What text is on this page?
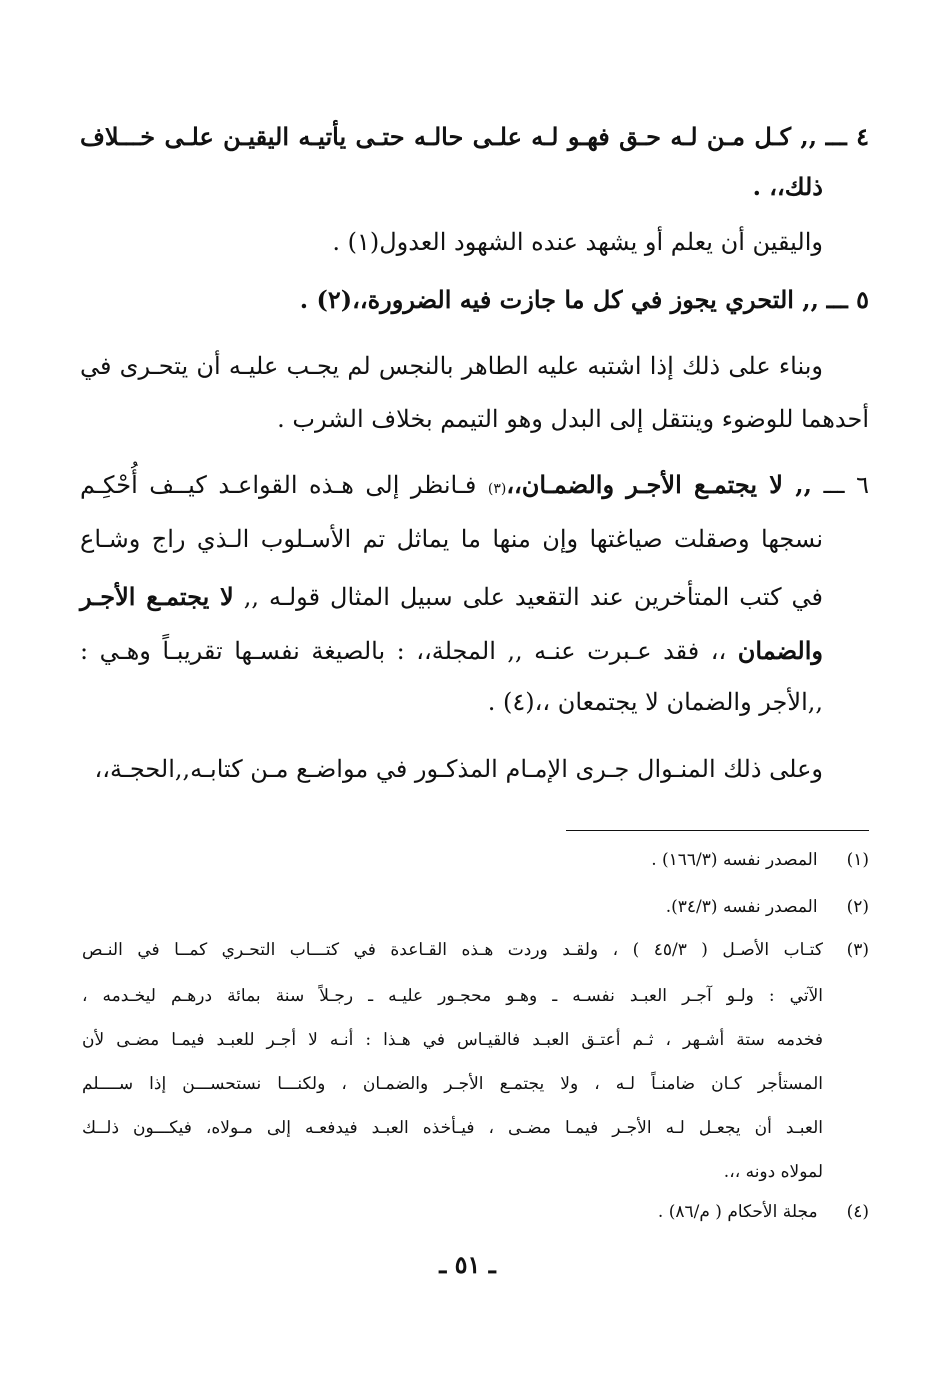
٤ ـــ ,, كـل مـن لـه حـق فهـو لـه علـى حالـه حتـى يأتيـه اليقيـن علـى خـــلاف
ذلك،، .
واليقين أن يعلم أو يشهد عنده الشهود العدول(١) .
٥ ـــ ,, التحري يجوز في كل ما جازت فيه الضرورة،،(٢) .
وبناء على ذلك إذا اشتبه عليه الطاهر بالنجس لم يجـب عليـه أن يتحـرى في
أحدهما للوضوء وينتقل إلى البدل وهو التيمم بخلاف الشرب .
٦ ـــ ,, لا يجتمـع الأجـر والضمـان،،(٣) فـانظر إلى هـذه القواعـد كيــف أُحْكِـم
نسجها وصقلت صياغتها وإن منها ما يماثل تم الأسـلوب الـذي راج وشـاع
في كتب المتأخرين عند التقعيد على سبيل المثال قولـه ,, لا يجتمـع الأجـر
والضمان ،، فقد عـبرت عنـه ,, المجلة،، : بالصيغة نفسـها تقريبـاً وهـي :
,,الأجر والضمان لا يجتمعان ،،(٤) .
وعلى ذلك المنـوال جـرى الإمـام المذكـور في مواضـع مـن كتابـه,,الحجـة،،
(١) المصدر نفسه (١٦٦/٣) .
(٢) المصدر نفسه (٣٤/٣).
(٣)
كتـاب الأصـل ( ٤٥/٣ ) ، ولقـد وردت هـذه القـاعدة في كتـــاب التحـري كمــا في النـص
الآتي : ولـو آجـر العبـد نفسـه ـ وهـو محجـور عليـه ـ رجـلاً سنة بمائة درهـم ليخـدمه ،
فخدمه ستة أشـهر ، ثـم أعتـق العبـد فالقيـاس في هـذا : أنـه لا أجـر للعبـد فيمـا مضـى لأن
المستأجر كـان ضامنـاً لـه ، ولا يجتمـع الأجـر والضمـان ، ولكنـــا نستحســـن إذا ســــلم
العبـد أن يجعـل لـه الأجـر فيمـا مضـى ، فيـأخذه العبـد فيدفعـه إلى مـولاه، فيكـــون ذلــك
لمولاه دونه ،،.
(٤) مجلة الأحكام ( م/٨٦) .
ـ ٥١ ـ
